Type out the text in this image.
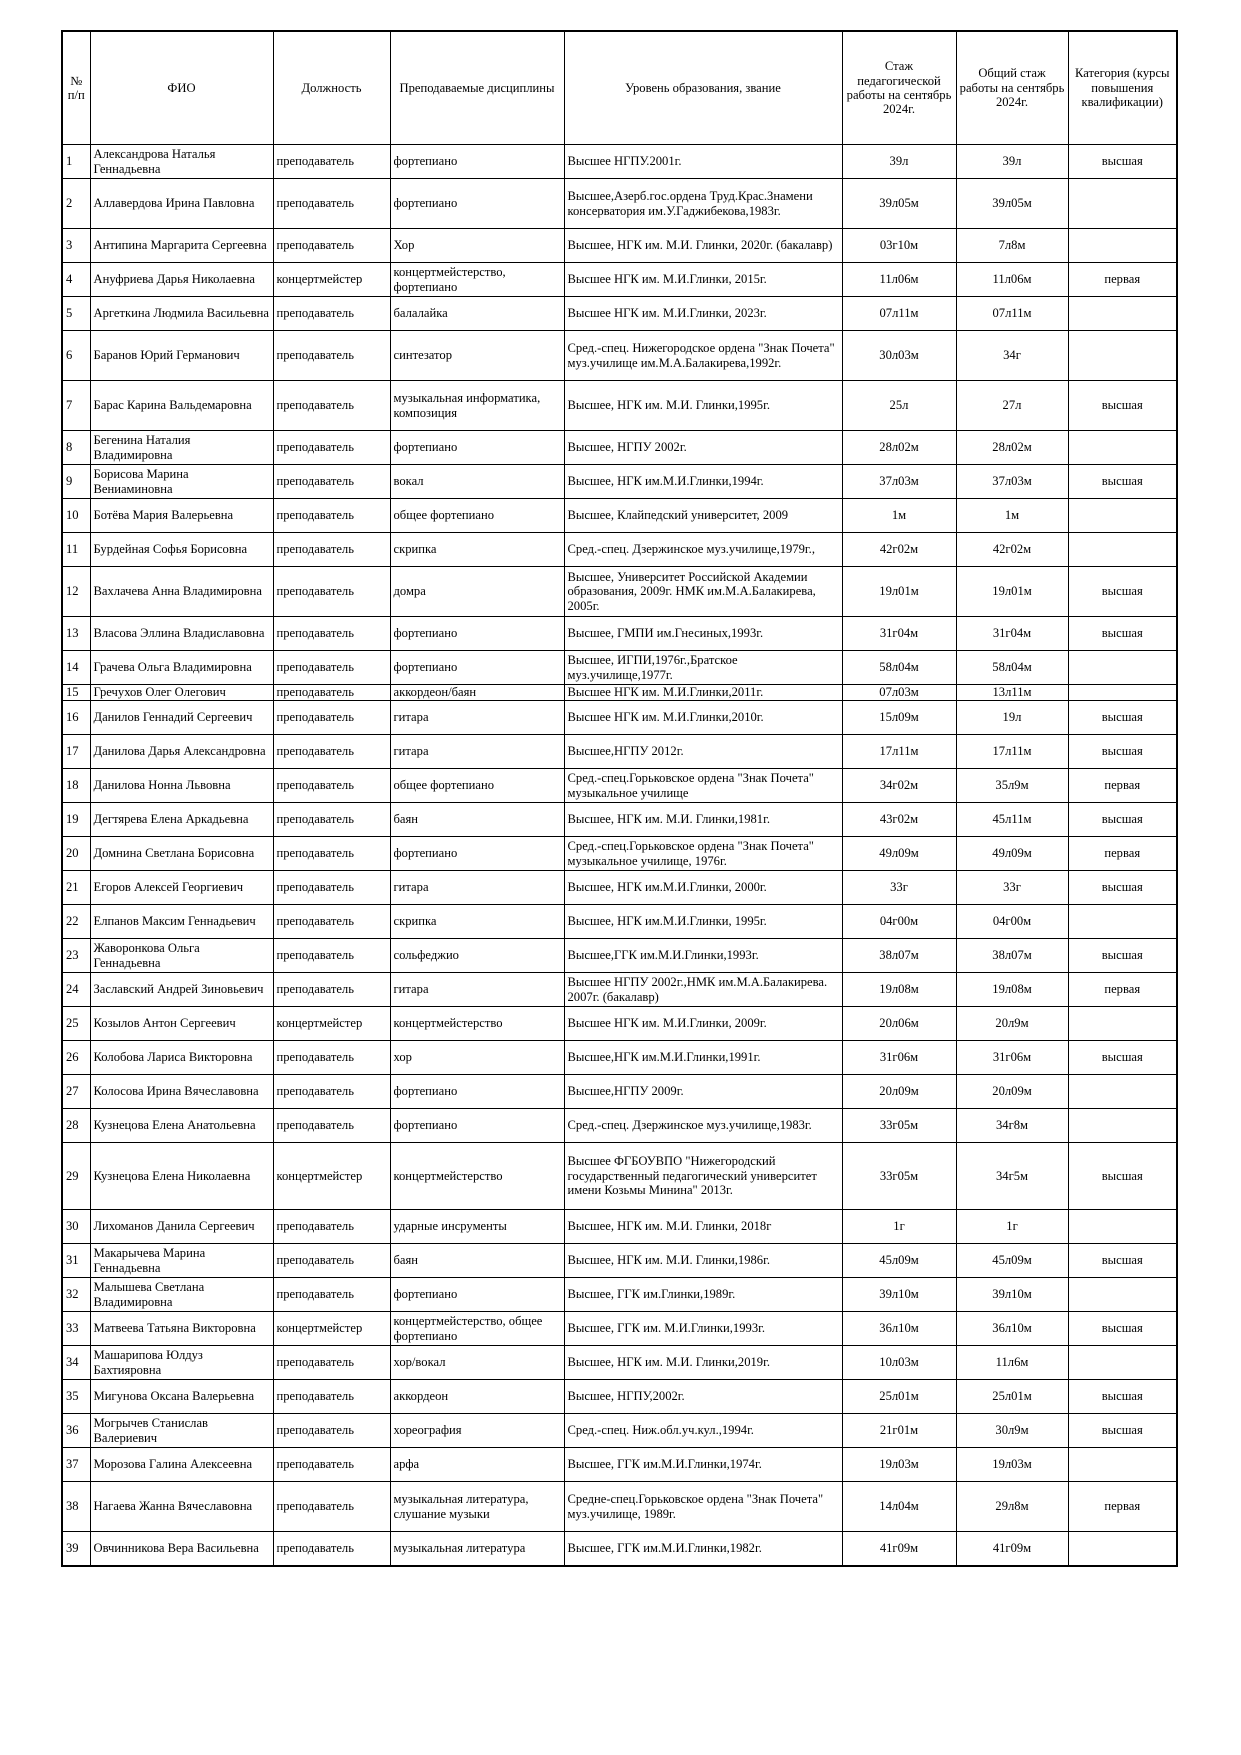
№ п/п	ФИО	Должность	Преподаваемые дисциплины	Уровень образования, звание	Стаж педагогической работы на сентябрь 2024г.	Общий стаж работы на сентябрь 2024г.	Категория (курсы повышения квалификации)
1	Александрова Наталья Геннадьевна	преподаватель	фортепиано	Высшее НГПУ.2001г.	39л	39л	высшая
2	Аллавердова Ирина Павловна	преподаватель	фортепиано	Высшее,Азерб.гос.ордена Труд.Крас.Знамени консерватория им.У.Гаджибекова,1983г.	39л05м	39л05м	
3	Антипина Маргарита Сергеевна	преподаватель	Хор	Высшее, НГК им. М.И. Глинки, 2020г. (бакалавр)	03г10м	7л8м	
4	Ануфриева Дарья Николаевна	концертмейстер	концертмейстерство, фортепиано	Высшее НГК им. М.И.Глинки, 2015г.	11л06м	11л06м	первая
5	Аргеткина Людмила Васильевна	преподаватель	балалайка	Высшее НГК им. М.И.Глинки, 2023г.	07л11м	07л11м	
6	Баранов Юрий Германович	преподаватель	синтезатор	Сред.-спец. Нижегородское ордена "Знак Почета" муз.училище им.М.А.Балакирева,1992г.	30л03м	34г	
7	Барас Карина Вальдемаровна	преподаватель	музыкальная информатика, композиция	Высшее, НГК им. М.И. Глинки,1995г.	25л	27л	высшая
8	Бегенина Наталия Владимировна	преподаватель	фортепиано	Высшее, НГПУ 2002г.	28л02м	28л02м	
9	Борисова Марина Вениаминовна	преподаватель	вокал	Высшее, НГК им.М.И.Глинки,1994г.	37л03м	37л03м	высшая
10	Ботёва Мария Валерьевна	преподаватель	общее фортепиано	Высшее, Клайпедский университет, 2009	1м	1м	
11	Бурдейная Софья Борисовна	преподаватель	скрипка	Сред.-спец. Дзержинское муз.училище,1979г.,	42г02м	42г02м	
12	Вахлачева Анна Владимировна	преподаватель	домра	Высшее, Университет Российской Академии образования, 2009г. НМК им.М.А.Балакирева, 2005г.	19л01м	19л01м	высшая
13	Власова Эллина Владиславовна	преподаватель	фортепиано	Высшее, ГМПИ им.Гнесиных,1993г.	31г04м	31г04м	высшая
14	Грачева Ольга Владимировна	преподаватель	фортепиано	Высшее, ИГПИ,1976г.,Братское муз.училище,1977г.	58л04м	58л04м	
15	Гречухов Олег Олегович	преподаватель	аккордеон/баян	Высшее НГК им. М.И.Глинки,2011г.	07л03м	13л11м	
16	Данилов Геннадий Сергеевич	преподаватель	гитара	Высшее НГК им. М.И.Глинки,2010г.	15л09м	19л	высшая
17	Данилова Дарья Александровна	преподаватель	гитара	Высшее,НГПУ 2012г.	17л11м	17л11м	высшая
18	Данилова Нонна Львовна	преподаватель	общее фортепиано	Сред.-спец.Горьковское ордена "Знак Почета" музыкальное училище	34г02м	35л9м	первая
19	Дегтярева Елена Аркадьевна	преподаватель	баян	Высшее, НГК им. М.И. Глинки,1981г.	43г02м	45л11м	высшая
20	Домнина Светлана Борисовна	преподаватель	фортепиано	Сред.-спец.Горьковское ордена "Знак Почета" музыкальное училище, 1976г.	49л09м	49л09м	первая
21	Егоров Алексей Георгиевич	преподаватель	гитара	Высшее, НГК им.М.И.Глинки, 2000г.	33г	33г	высшая
22	Елпанов Максим Геннадьевич	преподаватель	скрипка	Высшее, НГК им.М.И.Глинки, 1995г.	04г00м	04г00м	
23	Жаворонкова Ольга Геннадьевна	преподаватель	сольфеджио	Высшее,ГГК им.М.И.Глинки,1993г.	38л07м	38л07м	высшая
24	Заславский Андрей Зиновьевич	преподаватель	гитара	Высшее НГПУ 2002г.,НМК им.М.А.Балакирева. 2007г. (бакалавр)	19л08м	19л08м	первая
25	Козылов Антон Сергеевич	концертмейстер	концертмейстерство	Высшее НГК им. М.И.Глинки, 2009г.	20л06м	20л9м	
26	Колобова Лариса Викторовна	преподаватель	хор	Высшее,НГК им.М.И.Глинки,1991г.	31г06м	31г06м	высшая
27	Колосова Ирина Вячеславовна	преподаватель	фортепиано	Высшее,НГПУ 2009г.	20л09м	20л09м	
28	Кузнецова Елена Анатольевна	преподаватель	фортепиано	Сред.-спец. Дзержинское муз.училище,1983г.	33г05м	34г8м	
29	Кузнецова Елена Николаевна	концертмейстер	концертмейстерство	Высшее ФГБОУВПО "Нижегородский государственный педагогический университет имени Козьмы Минина" 2013г.	33г05м	34г5м	высшая
30	Лихоманов Данила Сергеевич	преподаватель	ударные инсрументы	Высшее, НГК им. М.И. Глинки, 2018г	1г	1г	
31	Макарычева Марина Геннадьевна	преподаватель	баян	Высшее, НГК им. М.И. Глинки,1986г.	45л09м	45л09м	высшая
32	Малышева Светлана Владимировна	преподаватель	фортепиано	Высшее, ГГК им.Глинки,1989г.	39л10м	39л10м	
33	Матвеева Татьяна Викторовна	концертмейстер	концертмейстерство, общее фортепиано	Высшее, ГГК им. М.И.Глинки,1993г.	36л10м	36л10м	высшая
34	Машарипова Юлдуз Бахтияровна	преподаватель	хор/вокал	Высшее, НГК им. М.И. Глинки,2019г.	10л03м	11л6м	
35	Мигунова Оксана Валерьевна	преподаватель	аккордеон	Высшее, НГПУ,2002г.	25л01м	25л01м	высшая
36	Могрычев Станислав Валериевич	преподаватель	хореография	Сред.-спец. Ниж.обл.уч.кул.,1994г.	21г01м	30л9м	высшая
37	Морозова Галина Алексеевна	преподаватель	арфа	Высшее, ГГК им.М.И.Глинки,1974г.	19л03м	19л03м	
38	Нагаева Жанна Вячеславовна	преподаватель	музыкальная литература, слушание музыки	Средне-спец.Горьковское ордена "Знак Почета" муз.училище, 1989г.	14л04м	29л8м	первая
39	Овчинникова Вера Васильевна	преподаватель	музыкальная литература	Высшее, ГГК им.М.И.Глинки,1982г.	41г09м	41г09м	
